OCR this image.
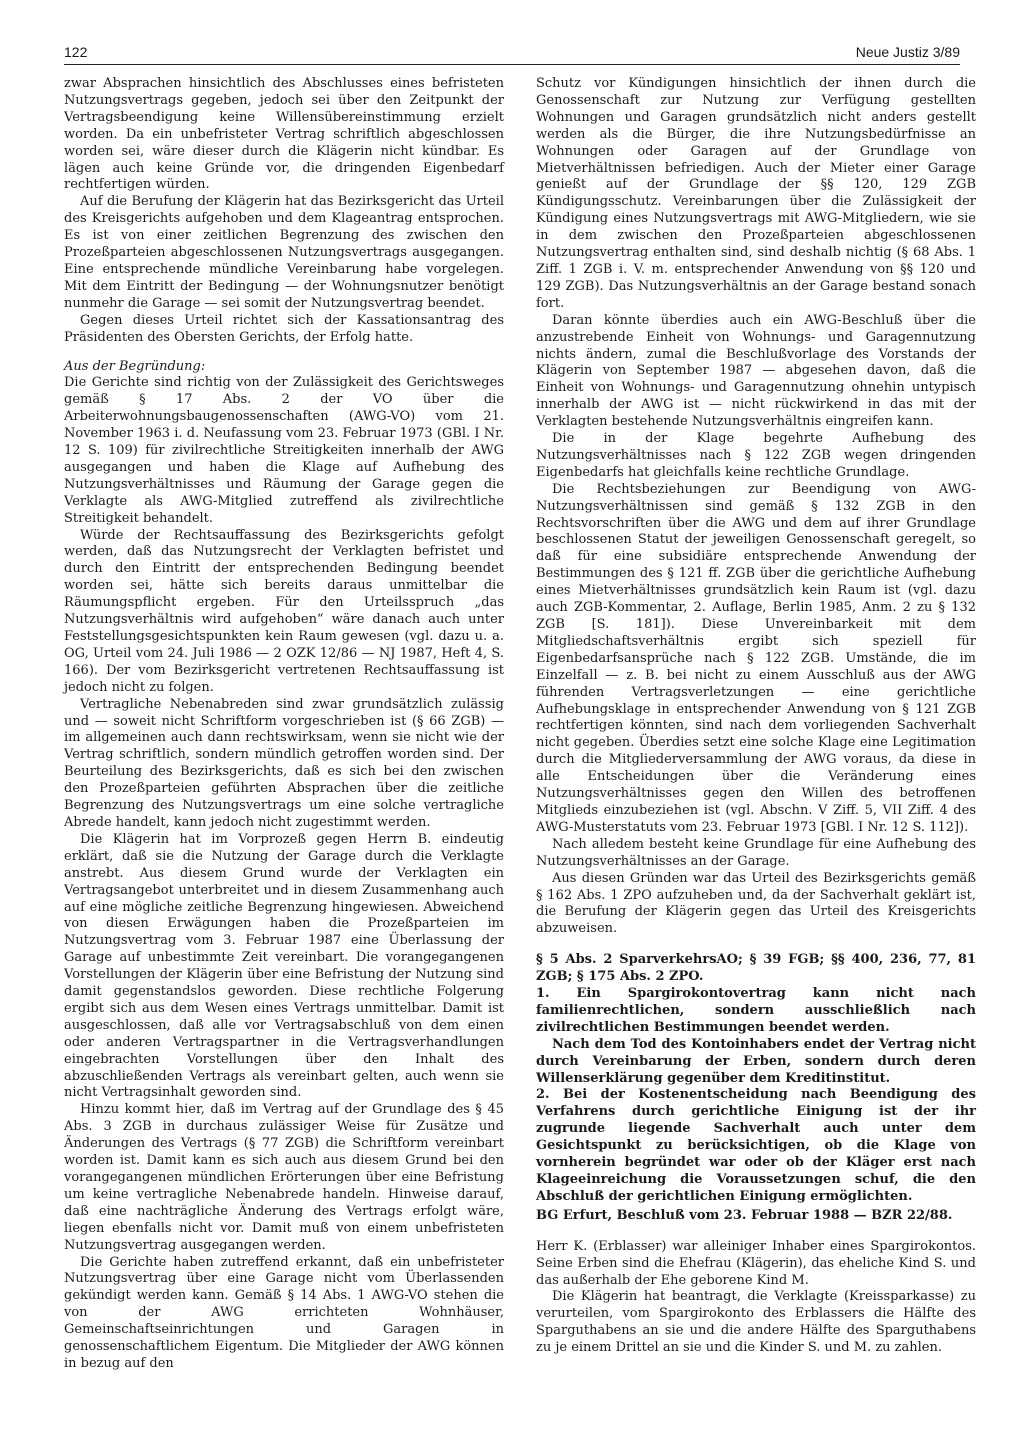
122	Neue Justiz 3/89

zwar Absprachen hinsichtlich des Abschlusses eines befristeten Nutzungsvertrags gegeben, jedoch sei über den Zeitpunkt der Vertragsbeendigung keine Willensübereinstimmung erzielt worden. Da ein unbefristeter Vertrag schriftlich abgeschlossen worden sei, wäre dieser durch die Klägerin nicht kündbar. Es lägen auch keine Gründe vor, die dringenden Eigenbedarf rechtfertigen würden.

Auf die Berufung der Klägerin hat das Bezirksgericht das Urteil des Kreisgerichts aufgehoben und dem Klageantrag entsprochen. Es ist von einer zeitlichen Begrenzung des zwischen den Prozeßparteien abgeschlossenen Nutzungsvertrags ausgegangen. Eine entsprechende mündliche Vereinbarung habe vorgelegen. Mit dem Eintritt der Bedingung — der Wohnungsnutzer benötigt nunmehr die Garage — sei somit der Nutzungsvertrag beendet.

Gegen dieses Urteil richtet sich der Kassationsantrag des Präsidenten des Obersten Gerichts, der Erfolg hatte.

Aus der Begründung:

Die Gerichte sind richtig von der Zulässigkeit des Gerichtsweges gemäß § 17 Abs. 2 der VO über die Arbeiterwohnungsbaugenossenschaften (AWG-VO) vom 21. November 1963 i. d. Neufassung vom 23. Februar 1973 (GBl. I Nr. 12 S. 109) für zivilrechtliche Streitigkeiten innerhalb der AWG ausgegangen und haben die Klage auf Aufhebung des Nutzungsverhältnisses und Räumung der Garage gegen die Verklagte als AWG-Mitglied zutreffend als zivilrechtliche Streitigkeit behandelt.

Würde der Rechtsauffassung des Bezirksgerichts gefolgt werden, daß das Nutzungsrecht der Verklagten befristet und durch den Eintritt der entsprechenden Bedingung beendet worden sei, hätte sich bereits daraus unmittelbar die Räumungspflicht ergeben. Für den Urteilsspruch „das Nutzungsverhältnis wird aufgehoben“ wäre danach auch unter Feststellungsgesichtspunkten kein Raum gewesen (vgl. dazu u. a. OG, Urteil vom 24. Juli 1986 — 2 OZK 12/86 — NJ 1987, Heft 4, S. 166). Der vom Bezirksgericht vertretenen Rechtsauffassung ist jedoch nicht zu folgen.

Vertragliche Nebenabreden sind zwar grundsätzlich zulässig und — soweit nicht Schriftform vorgeschrieben ist (§ 66 ZGB) — im allgemeinen auch dann rechtswirksam, wenn sie nicht wie der Vertrag schriftlich, sondern mündlich getroffen worden sind. Der Beurteilung des Bezirksgerichts, daß es sich bei den zwischen den Prozeßparteien geführten Absprachen über die zeitliche Begrenzung des Nutzungsvertrags um eine solche vertragliche Abrede handelt, kann jedoch nicht zugestimmt werden.

Die Klägerin hat im Vorprozeß gegen Herrn B. eindeutig erklärt, daß sie die Nutzung der Garage durch die Verklagte anstrebt. Aus diesem Grund wurde der Verklagten ein Vertragsangebot unterbreitet und in diesem Zusammenhang auch auf eine mögliche zeitliche Begrenzung hingewiesen. Abweichend von diesen Erwägungen haben die Prozeßparteien im Nutzungsvertrag vom 3. Februar 1987 eine Überlassung der Garage auf unbestimmte Zeit vereinbart. Die vorangegangenen Vorstellungen der Klägerin über eine Befristung der Nutzung sind damit gegenstandslos geworden. Diese rechtliche Folgerung ergibt sich aus dem Wesen eines Vertrags unmittelbar. Damit ist ausgeschlossen, daß alle vor Vertragsabschluß von dem einen oder anderen Vertragspartner in die Vertragsverhandlungen eingebrachten Vorstellungen über den Inhalt des abzuschließenden Vertrags als vereinbart gelten, auch wenn sie nicht Vertragsinhalt geworden sind.

Hinzu kommt hier, daß im Vertrag auf der Grundlage des § 45 Abs. 3 ZGB in durchaus zulässiger Weise für Zusätze und Änderungen des Vertrags (§ 77 ZGB) die Schriftform vereinbart worden ist. Damit kann es sich auch aus diesem Grund bei den vorangegangenen mündlichen Erörterungen über eine Befristung um keine vertragliche Nebenabrede handeln. Hinweise darauf, daß eine nachträgliche Änderung des Vertrags erfolgt wäre, liegen ebenfalls nicht vor. Damit muß von einem unbefristeten Nutzungsvertrag ausgegangen werden.

Die Gerichte haben zutreffend erkannt, daß ein unbefristeter Nutzungsvertrag über eine Garage nicht vom Überlassenden gekündigt werden kann. Gemäß § 14 Abs. 1 AWG-VO stehen die von der AWG errichteten Wohnhäuser, Gemeinschaftseinrichtungen und Garagen in genossenschaftlichem Eigentum. Die Mitglieder der AWG können in bezug auf den

Schutz vor Kündigungen hinsichtlich der ihnen durch die Genossenschaft zur Nutzung zur Verfügung gestellten Wohnungen und Garagen grundsätzlich nicht anders gestellt werden als die Bürger, die ihre Nutzungsbedürfnisse an Wohnungen oder Garagen auf der Grundlage von Mietverhältnissen befriedigen. Auch der Mieter einer Garage genießt auf der Grundlage der §§ 120, 129 ZGB Kündigungsschutz. Vereinbarungen über die Zulässigkeit der Kündigung eines Nutzungsvertrags mit AWG-Mitgliedern, wie sie in dem zwischen den Prozeßparteien abgeschlossenen Nutzungsvertrag enthalten sind, sind deshalb nichtig (§ 68 Abs. 1 Ziff. 1 ZGB i. V. m. entsprechender Anwendung von §§ 120 und 129 ZGB). Das Nutzungsverhältnis an der Garage bestand sonach fort.

Daran könnte überdies auch ein AWG-Beschluß über die anzustrebende Einheit von Wohnungs- und Garagennutzung nichts ändern, zumal die Beschlußvorlage des Vorstands der Klägerin von September 1987 — abgesehen davon, daß die Einheit von Wohnungs- und Garagennutzung ohnehin untypisch innerhalb der AWG ist — nicht rückwirkend in das mit der Verklagten bestehende Nutzungsverhältnis eingreifen kann.

Die in der Klage begehrte Aufhebung des Nutzungsverhältnisses nach § 122 ZGB wegen dringenden Eigenbedarfs hat gleichfalls keine rechtliche Grundlage.

Die Rechtsbeziehungen zur Beendigung von AWG-Nutzungsverhältnissen sind gemäß § 132 ZGB in den Rechtsvorschriften über die AWG und dem auf ihrer Grundlage beschlossenen Statut der jeweiligen Genossenschaft geregelt, so daß für eine subsidiäre entsprechende Anwendung der Bestimmungen des § 121 ff. ZGB über die gerichtliche Aufhebung eines Mietverhältnisses grundsätzlich kein Raum ist (vgl. dazu auch ZGB-Kommentar, 2. Auflage, Berlin 1985, Anm. 2 zu § 132 ZGB [S. 181]). Diese Unvereinbarkeit mit dem Mitgliedschaftsverhältnis ergibt sich speziell für Eigenbedarfsansprüche nach § 122 ZGB. Umstände, die im Einzelfall — z. B. bei nicht zu einem Ausschluß aus der AWG führenden Vertragsverletzungen — eine gerichtliche Aufhebungsklage in entsprechender Anwendung von § 121 ZGB rechtfertigen könnten, sind nach dem vorliegenden Sachverhalt nicht gegeben. Überdies setzt eine solche Klage eine Legitimation durch die Mitgliederversammlung der AWG voraus, da diese in alle Entscheidungen über die Veränderung eines Nutzungsverhältnisses gegen den Willen des betroffenen Mitglieds einzubeziehen ist (vgl. Abschn. V Ziff. 5, VII Ziff. 4 des AWG-Musterstatuts vom 23. Februar 1973 [GBl. I Nr. 12 S. 112]).

Nach alledem besteht keine Grundlage für eine Aufhebung des Nutzungsverhältnisses an der Garage.

Aus diesen Gründen war das Urteil des Bezirksgerichts gemäß § 162 Abs. 1 ZPO aufzuheben und, da der Sachverhalt geklärt ist, die Berufung der Klägerin gegen das Urteil des Kreisgerichts abzuweisen.

§ 5 Abs. 2 SparverkehrsAO; § 39 FGB; §§ 400, 236, 77, 81 ZGB; § 175 Abs. 2 ZPO.

1. Ein Spargirokontovertrag kann nicht nach familienrechtlichen, sondern ausschließlich nach zivilrechtlichen Bestimmungen beendet werden.

Nach dem Tod des Kontoinhabers endet der Vertrag nicht durch Vereinbarung der Erben, sondern durch deren Willenserklärung gegenüber dem Kreditinstitut.

2. Bei der Kostenentscheidung nach Beendigung des Verfahrens durch gerichtliche Einigung ist der ihr zugrunde liegende Sachverhalt auch unter dem Gesichtspunkt zu berücksichtigen, ob die Klage von vornherein begründet war oder ob der Kläger erst nach Klageeinreichung die Voraussetzungen schuf, die den Abschluß der gerichtlichen Einigung ermöglichten.

BG Erfurt, Beschluß vom 23. Februar 1988 — BZR 22/88.

Herr K. (Erblasser) war alleiniger Inhaber eines Spargirokontos. Seine Erben sind die Ehefrau (Klägerin), das eheliche Kind S. und das außerhalb der Ehe geborene Kind M.

Die Klägerin hat beantragt, die Verklagte (Kreissparkasse) zu verurteilen, vom Spargirokonto des Erblassers die Hälfte des Sparguthabens an sie und die andere Hälfte des Sparguthabens zu je einem Drittel an sie und die Kinder S. und M. zu zahlen.
